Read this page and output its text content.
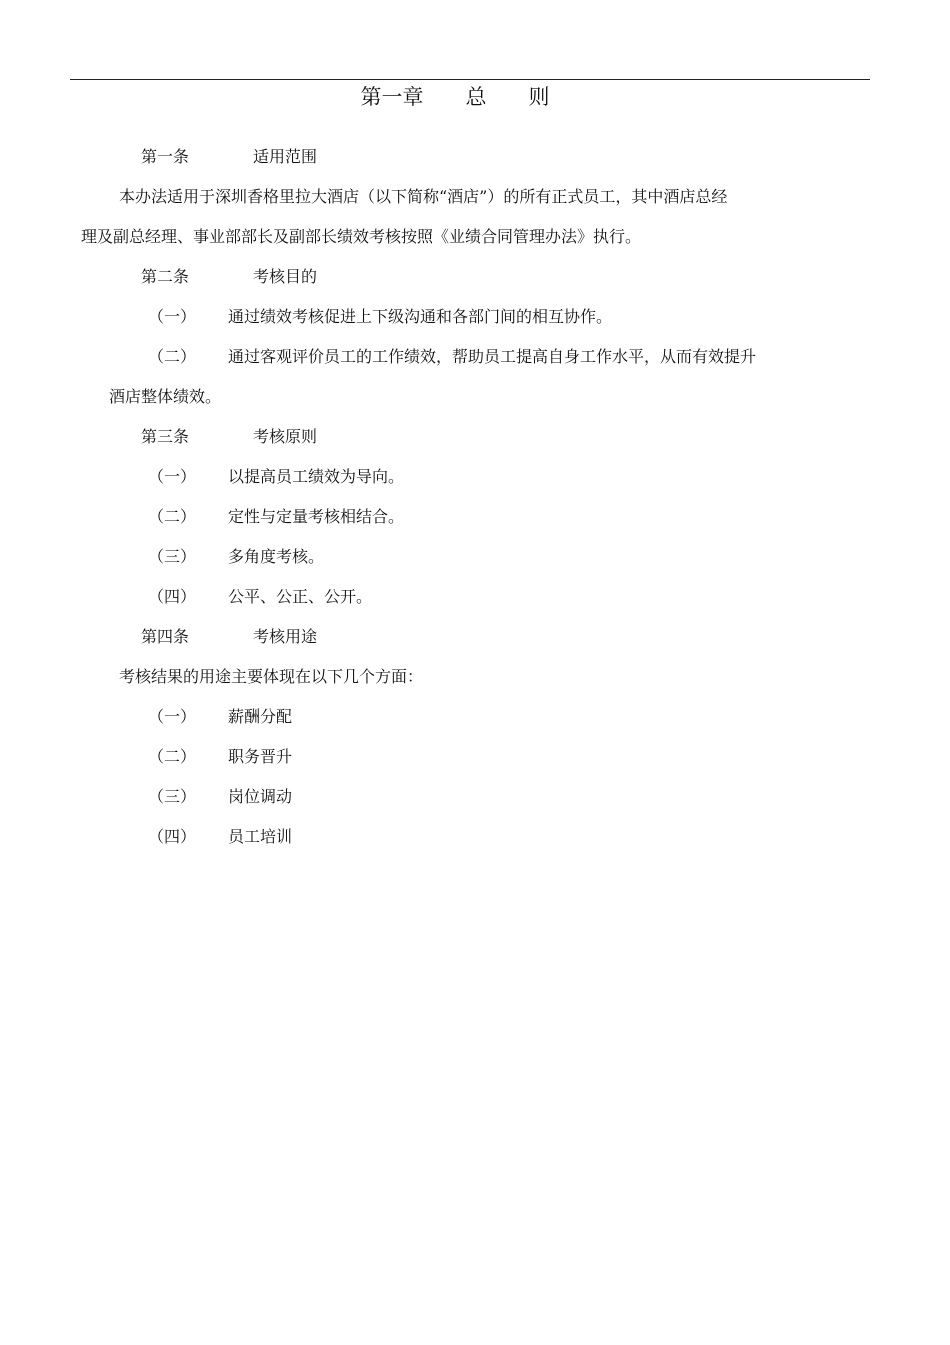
第一章　　总　　则
第一条	适用范围
本办法适用于深圳香格里拉大酒店（以下简称“酒店”）的所有正式员工，其中酒店总经
理及副总经理、事业部部长及副部长绩效考核按照《业绩合同管理办法》执行。
第二条	考核目的
（一） 通过绩效考核促进上下级沟通和各部门间的相互协作。
（二） 通过客观评价员工的工作绩效，帮助员工提高自身工作水平，从而有效提升
酒店整体绩效。
第三条	考核原则
（一） 以提高员工绩效为导向。
（二） 定性与定量考核相结合。
（三） 多角度考核。
（四） 公平、公正、公开。
第四条	考核用途
考核结果的用途主要体现在以下几个方面：
（一） 薪酬分配
（二） 职务晋升
（三） 岗位调动
（四） 员工培训
